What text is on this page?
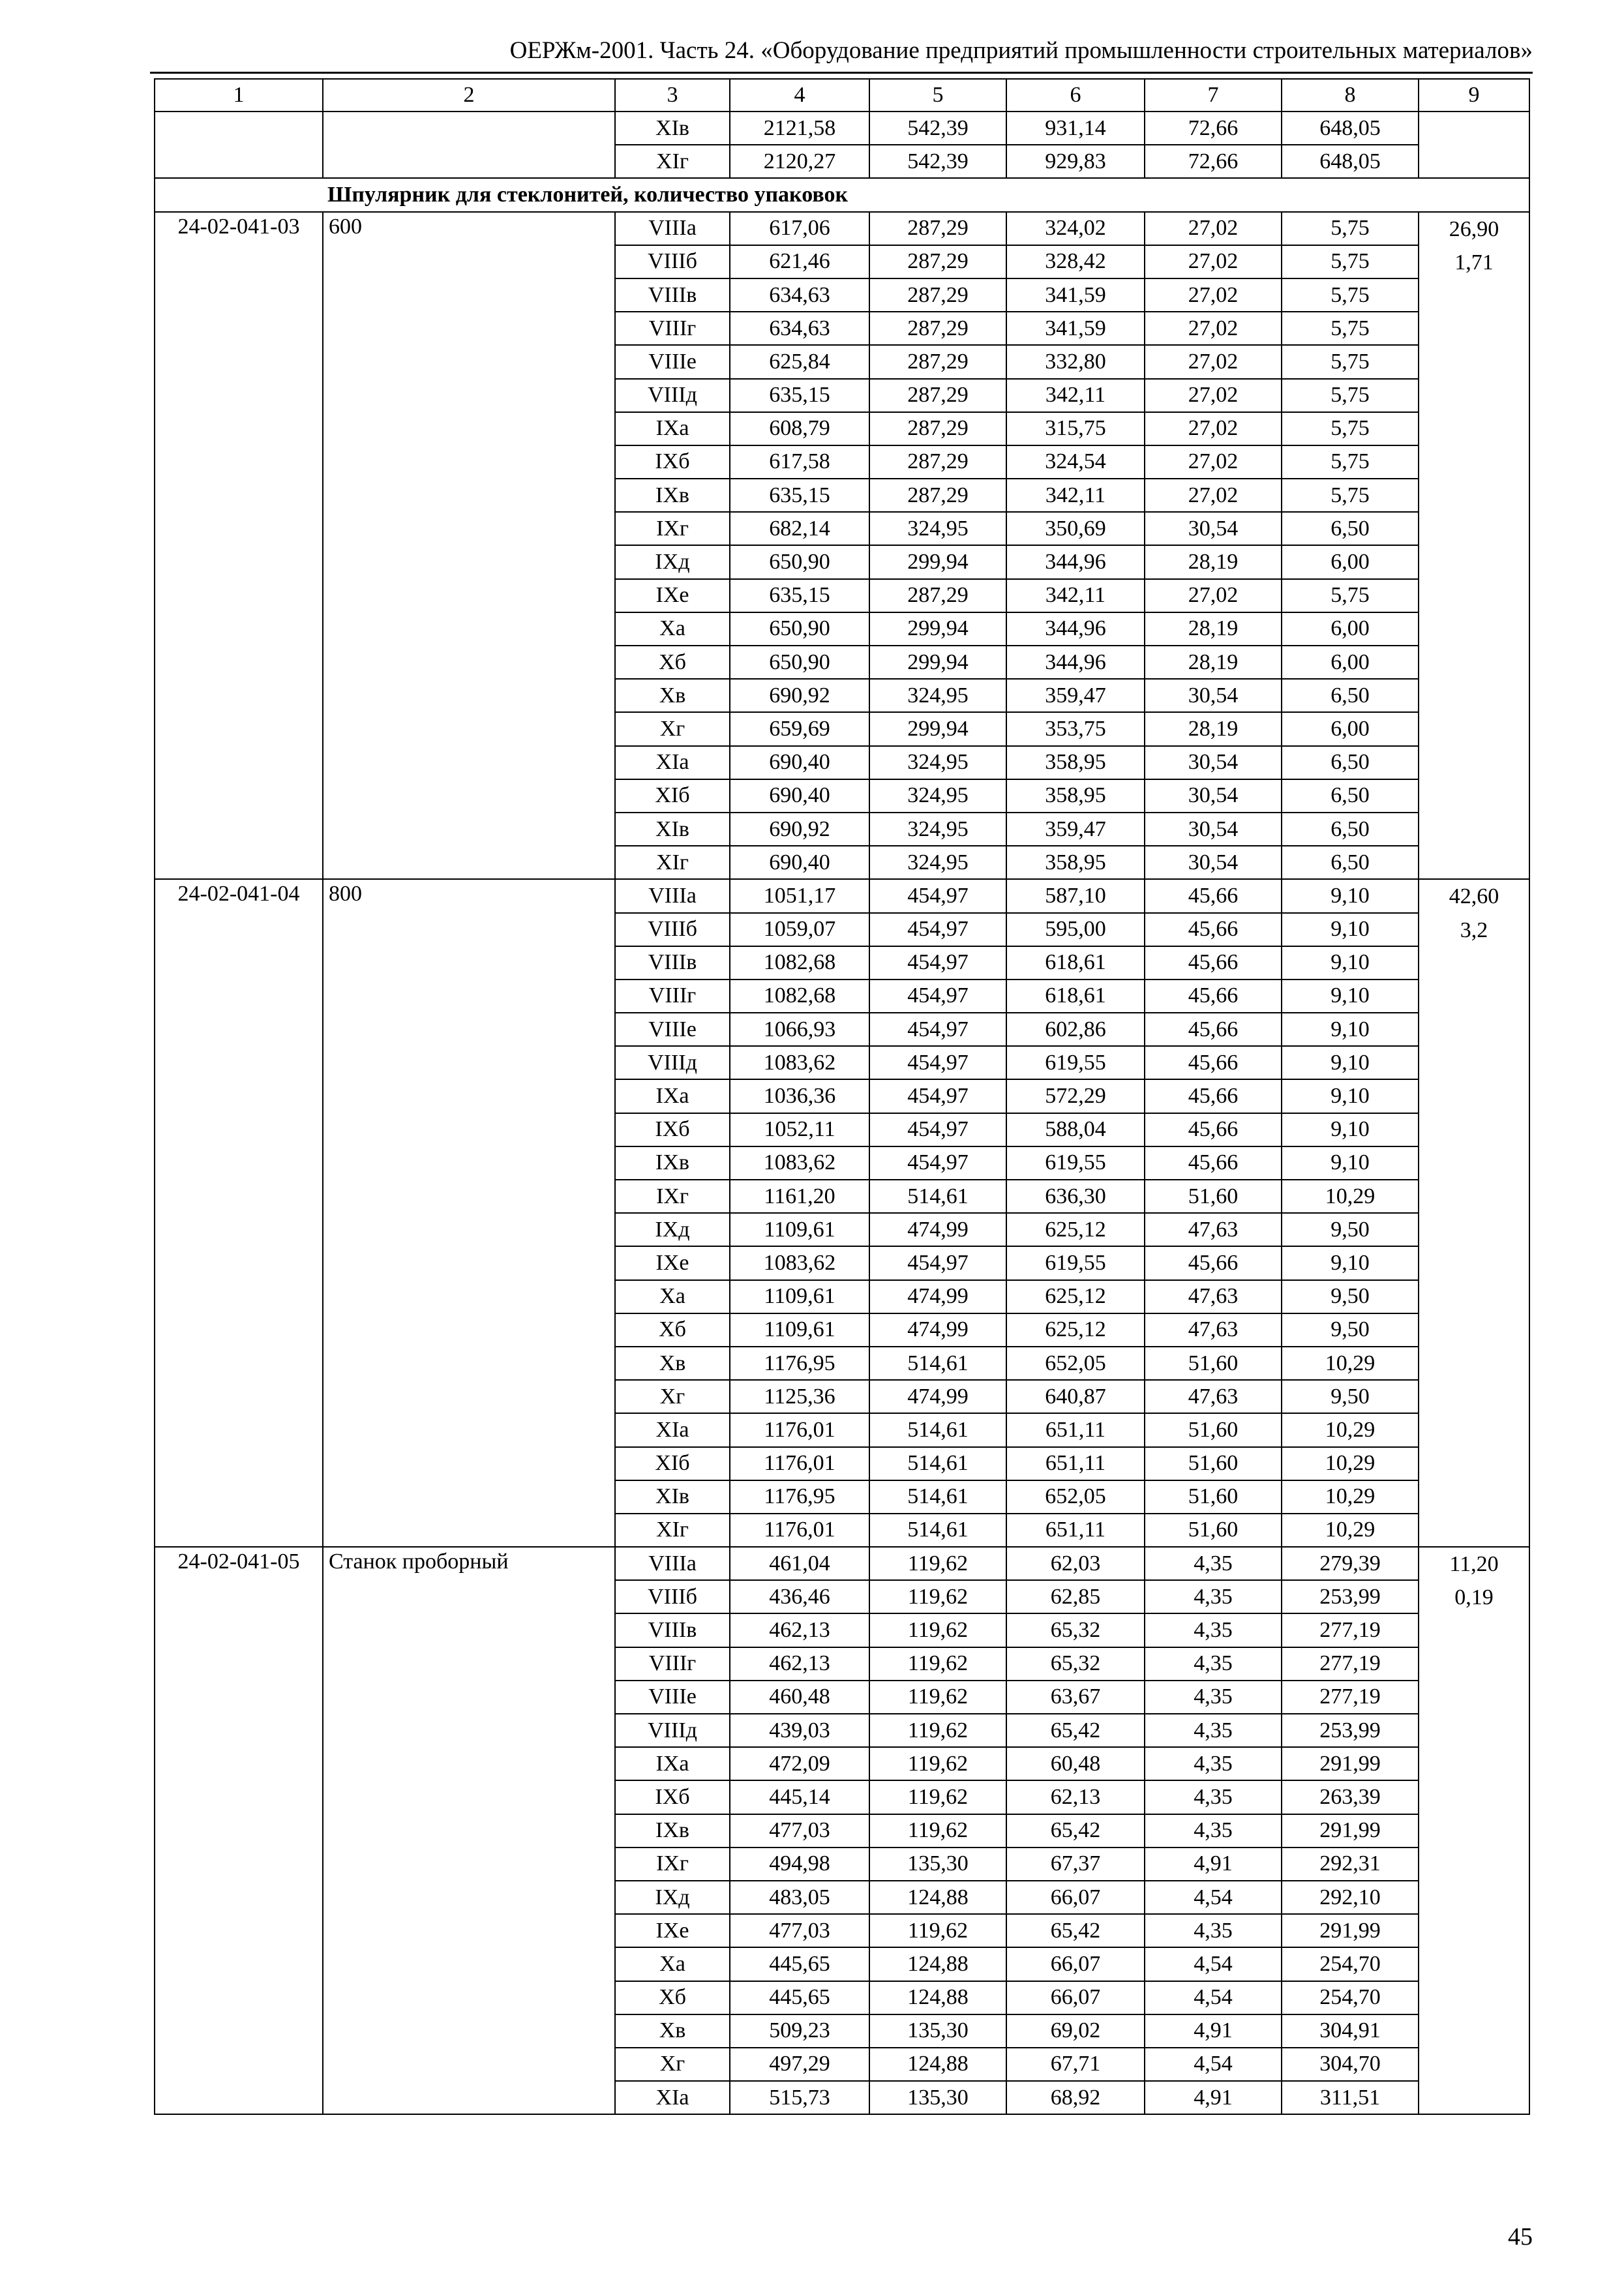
ОЕРЖм-2001. Часть 24. «Оборудование предприятий промышленности строительных материалов»
1	2	3	4	5	6	7	8	9
		XIв	2121,58	542,39	931,14	72,66	648,05	
		XIг	2120,27	542,39	929,83	72,66	648,05	
Шпулярник для стеклонитей, количество упаковок								
24-02-041-03	600	VIIIа	617,06	287,29	324,02	27,02	5,75	26,90
1,71

		VIIIб	621,46	287,29	328,42	27,02	5,75	
		VIIIв	634,63	287,29	341,59	27,02	5,75	
		VIIIг	634,63	287,29	341,59	27,02	5,75	
		VIIIе	625,84	287,29	332,80	27,02	5,75	
		VIIIд	635,15	287,29	342,11	27,02	5,75	
		IXа	608,79	287,29	315,75	27,02	5,75	
		IXб	617,58	287,29	324,54	27,02	5,75	
		IXв	635,15	287,29	342,11	27,02	5,75	
		IXг	682,14	324,95	350,69	30,54	6,50	
		IXд	650,90	299,94	344,96	28,19	6,00	
		IXе	635,15	287,29	342,11	27,02	5,75	
		Xа	650,90	299,94	344,96	28,19	6,00	
		Xб	650,90	299,94	344,96	28,19	6,00	
		Xв	690,92	324,95	359,47	30,54	6,50	
		Xг	659,69	299,94	353,75	28,19	6,00	
		XIа	690,40	324,95	358,95	30,54	6,50	
		XIб	690,40	324,95	358,95	30,54	6,50	
		XIв	690,92	324,95	359,47	30,54	6,50	
		XIг	690,40	324,95	358,95	30,54	6,50	
24-02-041-04	800	VIIIа	1051,17	454,97	587,10	45,66	9,10	42,60
3,2

		VIIIб	1059,07	454,97	595,00	45,66	9,10	
		VIIIв	1082,68	454,97	618,61	45,66	9,10	
		VIIIг	1082,68	454,97	618,61	45,66	9,10	
		VIIIе	1066,93	454,97	602,86	45,66	9,10	
		VIIIд	1083,62	454,97	619,55	45,66	9,10	
		IXа	1036,36	454,97	572,29	45,66	9,10	
		IXб	1052,11	454,97	588,04	45,66	9,10	
		IXв	1083,62	454,97	619,55	45,66	9,10	
		IXг	1161,20	514,61	636,30	51,60	10,29	
		IXд	1109,61	474,99	625,12	47,63	9,50	
		IXе	1083,62	454,97	619,55	45,66	9,10	
		Xа	1109,61	474,99	625,12	47,63	9,50	
		Xб	1109,61	474,99	625,12	47,63	9,50	
		Xв	1176,95	514,61	652,05	51,60	10,29	
		Xг	1125,36	474,99	640,87	47,63	9,50	
		XIа	1176,01	514,61	651,11	51,60	10,29	
		XIб	1176,01	514,61	651,11	51,60	10,29	
		XIв	1176,95	514,61	652,05	51,60	10,29	
		XIг	1176,01	514,61	651,11	51,60	10,29	
24-02-041-05	Станок проборный	VIIIа	461,04	119,62	62,03	4,35	279,39	11,20
0,19

		VIIIб	436,46	119,62	62,85	4,35	253,99	
		VIIIв	462,13	119,62	65,32	4,35	277,19	
		VIIIг	462,13	119,62	65,32	4,35	277,19	
		VIIIе	460,48	119,62	63,67	4,35	277,19	
		VIIIд	439,03	119,62	65,42	4,35	253,99	
		IXа	472,09	119,62	60,48	4,35	291,99	
		IXб	445,14	119,62	62,13	4,35	263,39	
		IXв	477,03	119,62	65,42	4,35	291,99	
		IXг	494,98	135,30	67,37	4,91	292,31	
		IXд	483,05	124,88	66,07	4,54	292,10	
		IXе	477,03	119,62	65,42	4,35	291,99	
		Xа	445,65	124,88	66,07	4,54	254,70	
		Xб	445,65	124,88	66,07	4,54	254,70	
		Xв	509,23	135,30	69,02	4,91	304,91	
		Xг	497,29	124,88	67,71	4,54	304,70	
		XIа	515,73	135,30	68,92	4,91	311,51	
45
